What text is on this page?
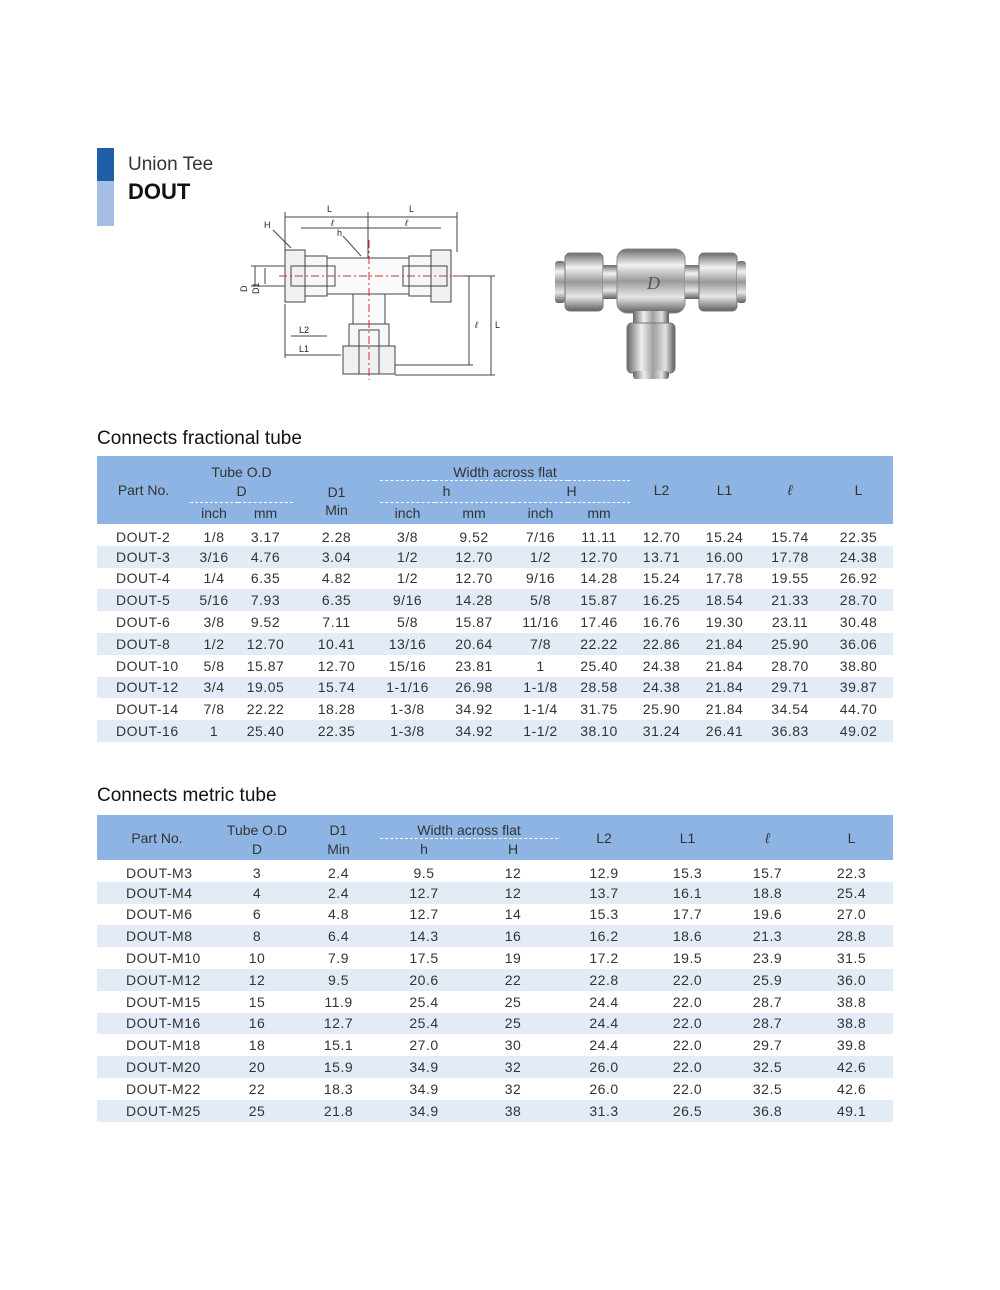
Union Tee
DOUT
L	L
ℓ	ℓ
H
h
D D1
L2
L1
ℓ L
D
Connects fractional tube
Part No.	Tube O.D		D1	Width across flat				L2	L1	ℓ	L
	D			h		H					
	inch	mm	Min	inch	mm	inch	mm				
DOUT-2	1/8	3.17	2.28	3/8	9.52	7/16	11.11	12.70	15.24	15.74	22.35
DOUT-3	3/16	4.76	3.04	1/2	12.70	1/2	12.70	13.71	16.00	17.78	24.38
DOUT-4	1/4	6.35	4.82	1/2	12.70	9/16	14.28	15.24	17.78	19.55	26.92
DOUT-5	5/16	7.93	6.35	9/16	14.28	5/8	15.87	16.25	18.54	21.33	28.70
DOUT-6	3/8	9.52	7.11	5/8	15.87	11/16	17.46	16.76	19.30	23.11	30.48
DOUT-8	1/2	12.70	10.41	13/16	20.64	7/8	22.22	22.86	21.84	25.90	36.06
DOUT-10	5/8	15.87	12.70	15/16	23.81	1	25.40	24.38	21.84	28.70	38.80
DOUT-12	3/4	19.05	15.74	1-1/16	26.98	1-1/8	28.58	24.38	21.84	29.71	39.87
DOUT-14	7/8	22.22	18.28	1-3/8	34.92	1-1/4	31.75	25.90	21.84	34.54	44.70
DOUT-16	1	25.40	22.35	1-3/8	34.92	1-1/2	38.10	31.24	26.41	36.83	49.02
Connects metric tube
Part No.	Tube O.D	D1	Width across flat		L2	L1	ℓ	L
	D	Min	h	H				
DOUT-M3	3	2.4	9.5	12	12.9	15.3	15.7	22.3
DOUT-M4	4	2.4	12.7	12	13.7	16.1	18.8	25.4
DOUT-M6	6	4.8	12.7	14	15.3	17.7	19.6	27.0
DOUT-M8	8	6.4	14.3	16	16.2	18.6	21.3	28.8
DOUT-M10	10	7.9	17.5	19	17.2	19.5	23.9	31.5
DOUT-M12	12	9.5	20.6	22	22.8	22.0	25.9	36.0
DOUT-M15	15	11.9	25.4	25	24.4	22.0	28.7	38.8
DOUT-M16	16	12.7	25.4	25	24.4	22.0	28.7	38.8
DOUT-M18	18	15.1	27.0	30	24.4	22.0	29.7	39.8
DOUT-M20	20	15.9	34.9	32	26.0	22.0	32.5	42.6
DOUT-M22	22	18.3	34.9	32	26.0	22.0	32.5	42.6
DOUT-M25	25	21.8	34.9	38	31.3	26.5	36.8	49.1
